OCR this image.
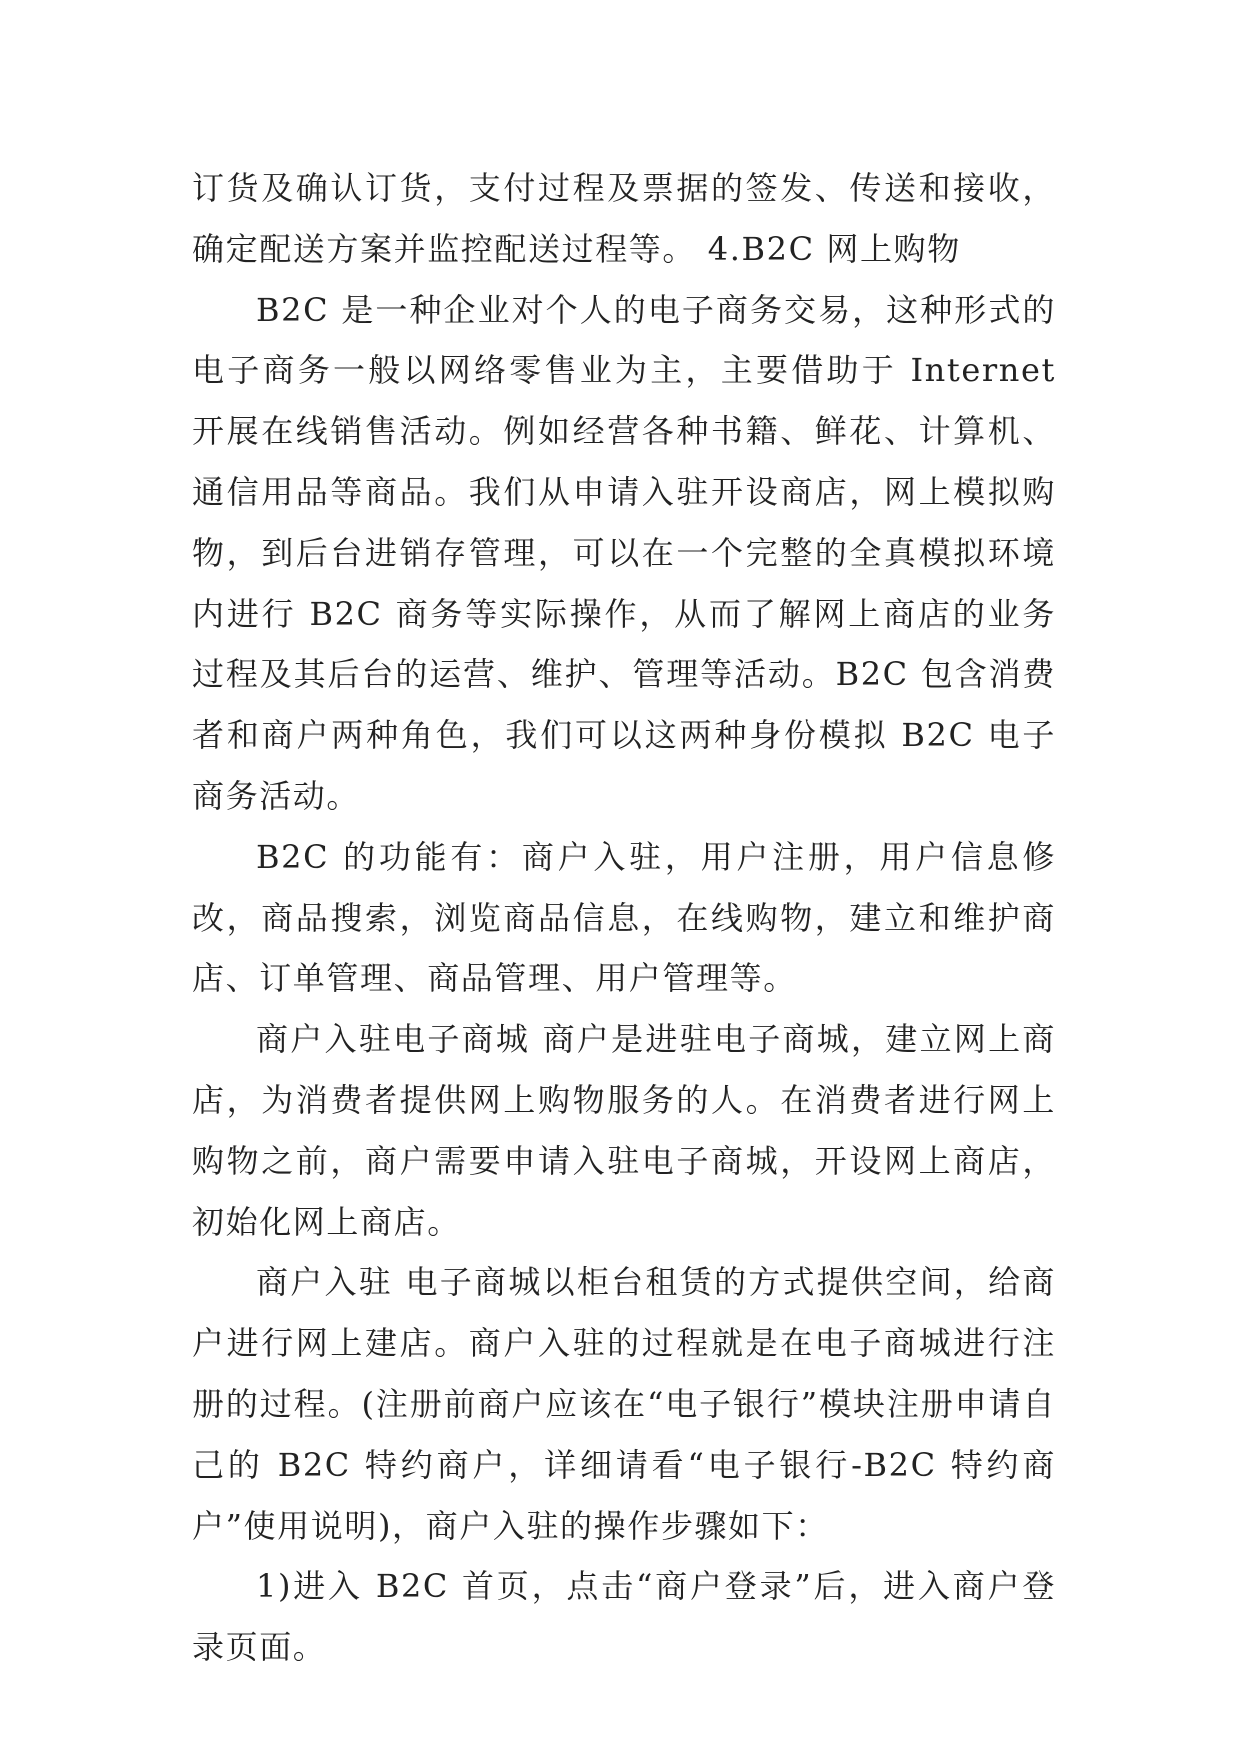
订货及确认订货，支付过程及票据的签发、传送和接收，确定配送方案并监控配送过程等。 4.B2C 网上购物

B2C 是一种企业对个人的电子商务交易，这种形式的电子商务一般以网络零售业为主，主要借助于 Internet 开展在线销售活动。例如经营各种书籍、鲜花、计算机、通信用品等商品。我们从申请入驻开设商店，网上模拟购物，到后台进销存管理，可以在一个完整的全真模拟环境内进行 B2C 商务等实际操作，从而了解网上商店的业务过程及其后台的运营、维护、管理等活动。B2C 包含消费者和商户两种角色，我们可以这两种身份模拟 B2C 电子商务活动。

B2C 的功能有：商户入驻，用户注册，用户信息修改，商品搜索，浏览商品信息，在线购物，建立和维护商店、订单管理、商品管理、用户管理等。

商户入驻电子商城 商户是进驻电子商城，建立网上商店，为消费者提供网上购物服务的人。在消费者进行网上购物之前，商户需要申请入驻电子商城，开设网上商店，初始化网上商店。

商户入驻 电子商城以柜台租赁的方式提供空间，给商户进行网上建店。商户入驻的过程就是在电子商城进行注册的过程。(注册前商户应该在“电子银行”模块注册申请自己的 B2C 特约商户，详细请看“电子银行-B2C 特约商户”使用说明)，商户入驻的操作步骤如下：

1)进入 B2C 首页，点击“商户登录”后，进入商户登录页面。
